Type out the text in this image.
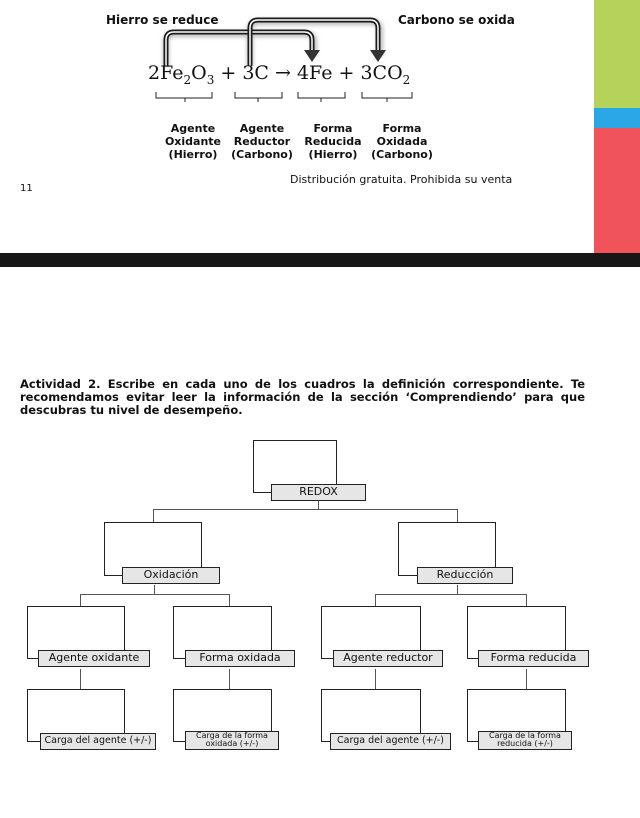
Hierro se reduce	Carbono se oxida
$2Fe_2O_3 + 3C \to 4Fe + 3CO_2$
Agente
Oxidante
(Hierro)
Agente
Reductor
(Carbono)
Forma
Reducida
(Hierro)
Forma
Oxidada
(Carbono)
Distribución gratuita. Prohibida su venta
11
Actividad 2. Escribe en cada uno de los cuadros la definición correspondiente. Te recomendamos evitar leer la información de la sección ‘Comprendiendo’ para que descubras tu nivel de desempeño.
REDOX
Oxidación	Reducción
Agente oxidante	Forma oxidada	Agente reductor	Forma reducida
Carga del agente (+/-)	Carga de la forma oxidada (+/-)	Carga del agente (+/-)	Carga de la forma reducida (+/-)
